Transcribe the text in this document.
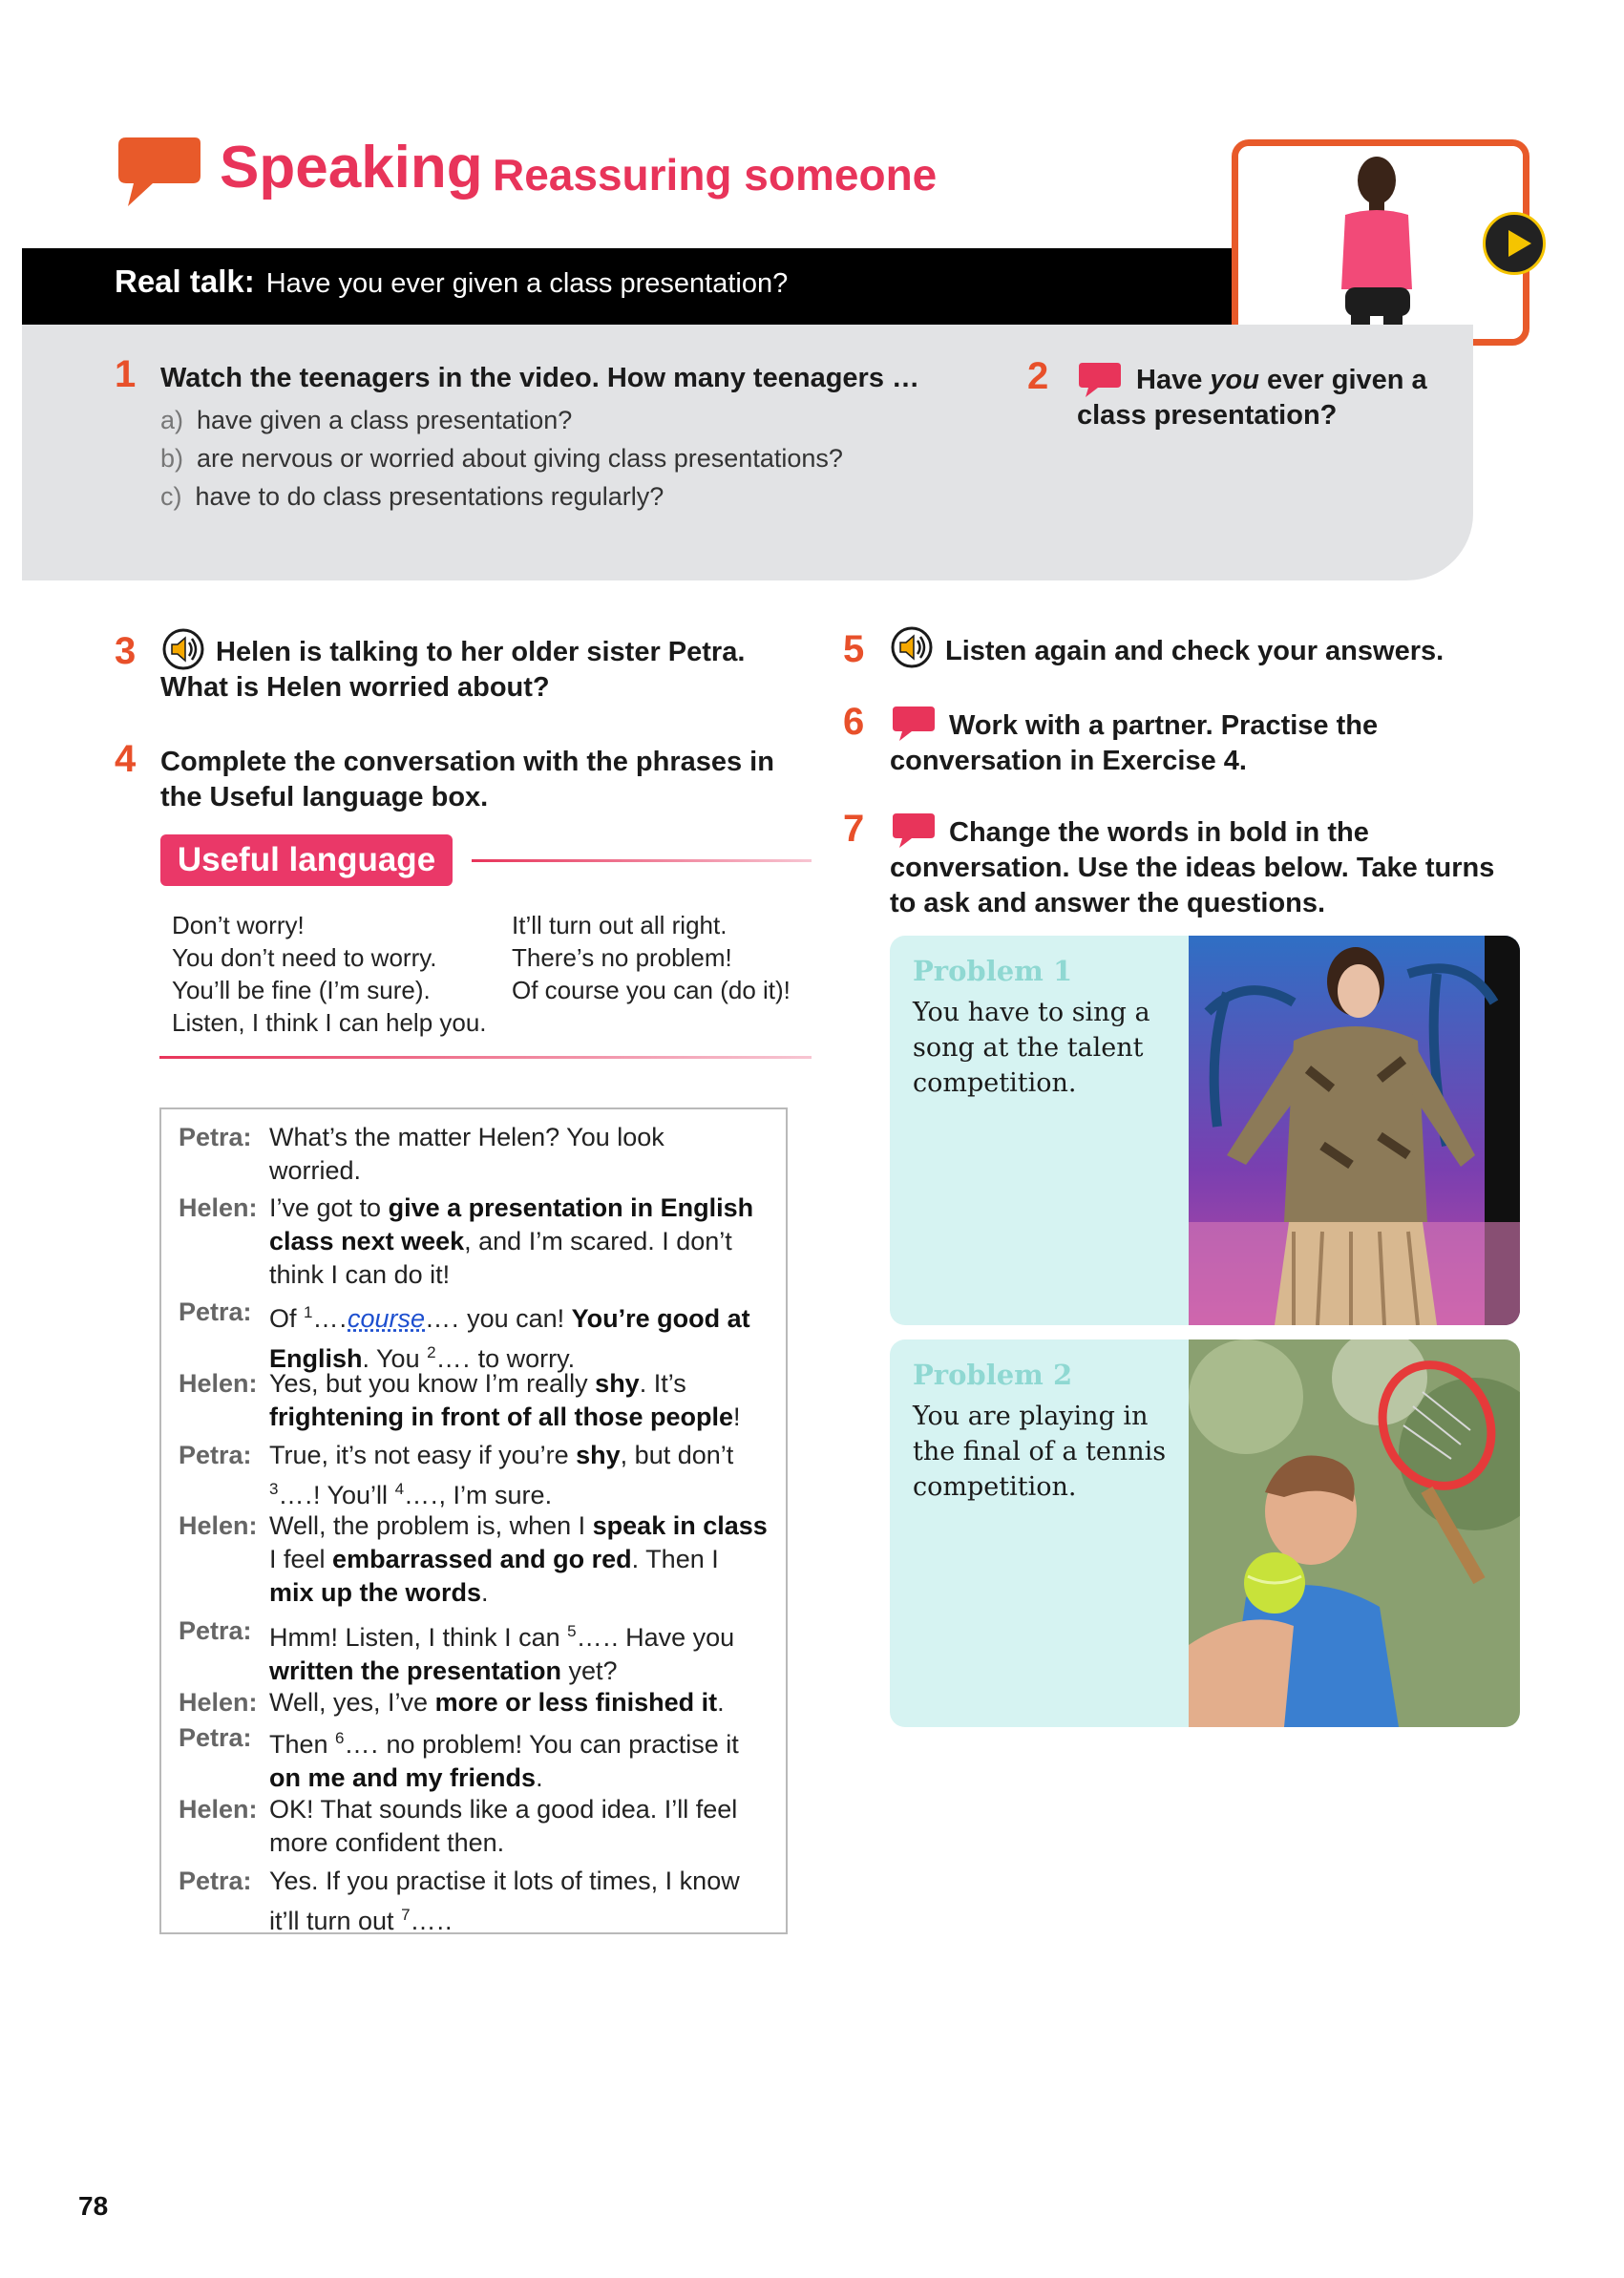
Speaking Reassuring someone
Real talk: Have you ever given a class presentation?
1 Watch the teenagers in the video. How many teenagers …
a) have given a class presentation?
b) are nervous or worried about giving class presentations?
c) have to do class presentations regularly?
2	Have you ever given a
class presentation?
3	Helen is talking to her older sister Petra.
What is Helen worried about?
4 Complete the conversation with the phrases in
the Useful language box.
Useful language
Don’t worry!
You don’t need to worry.
You’ll be fine (I’m sure).
Listen, I think I can help you.
It’ll turn out all right.
There’s no problem!
Of course you can (do it)!
Petra: What’s the matter Helen? You look
worried.
Helen: I’ve got to give a presentation in English
class next week, and I’m scared. I don’t
think I can do it!
Petra: Of $^1$….course…. you can! You’re good at
English. You $^2$…. to worry.
Helen: Yes, but you know I’m really shy. It’s
frightening in front of all those people!
Petra: True, it’s not easy if you’re shy, but don’t
$^3$….! You’ll $^4$…., I’m sure.
Helen: Well, the problem is, when I speak in class
I feel embarrassed and go red. Then I
mix up the words.
Petra: Hmm! Listen, I think I can $^5$….. Have you
written the presentation yet?
Helen: Well, yes, I’ve more or less finished it.
Petra: Then $^6$…. no problem! You can practise it
on me and my friends.
Helen: OK! That sounds like a good idea. I’ll feel
more confident then.
Petra: Yes. If you practise it lots of times, I know
it’ll turn out $^7$…..
5	Listen again and check your answers.
6	Work with a partner. Practise the
conversation in Exercise 4.
7	Change the words in bold in the
conversation. Use the ideas below. Take turns
to ask and answer the questions.
Problem 1
You have to sing a
song at the talent
competition.
Problem 2
You are playing in
the final of a tennis
competition.
78
